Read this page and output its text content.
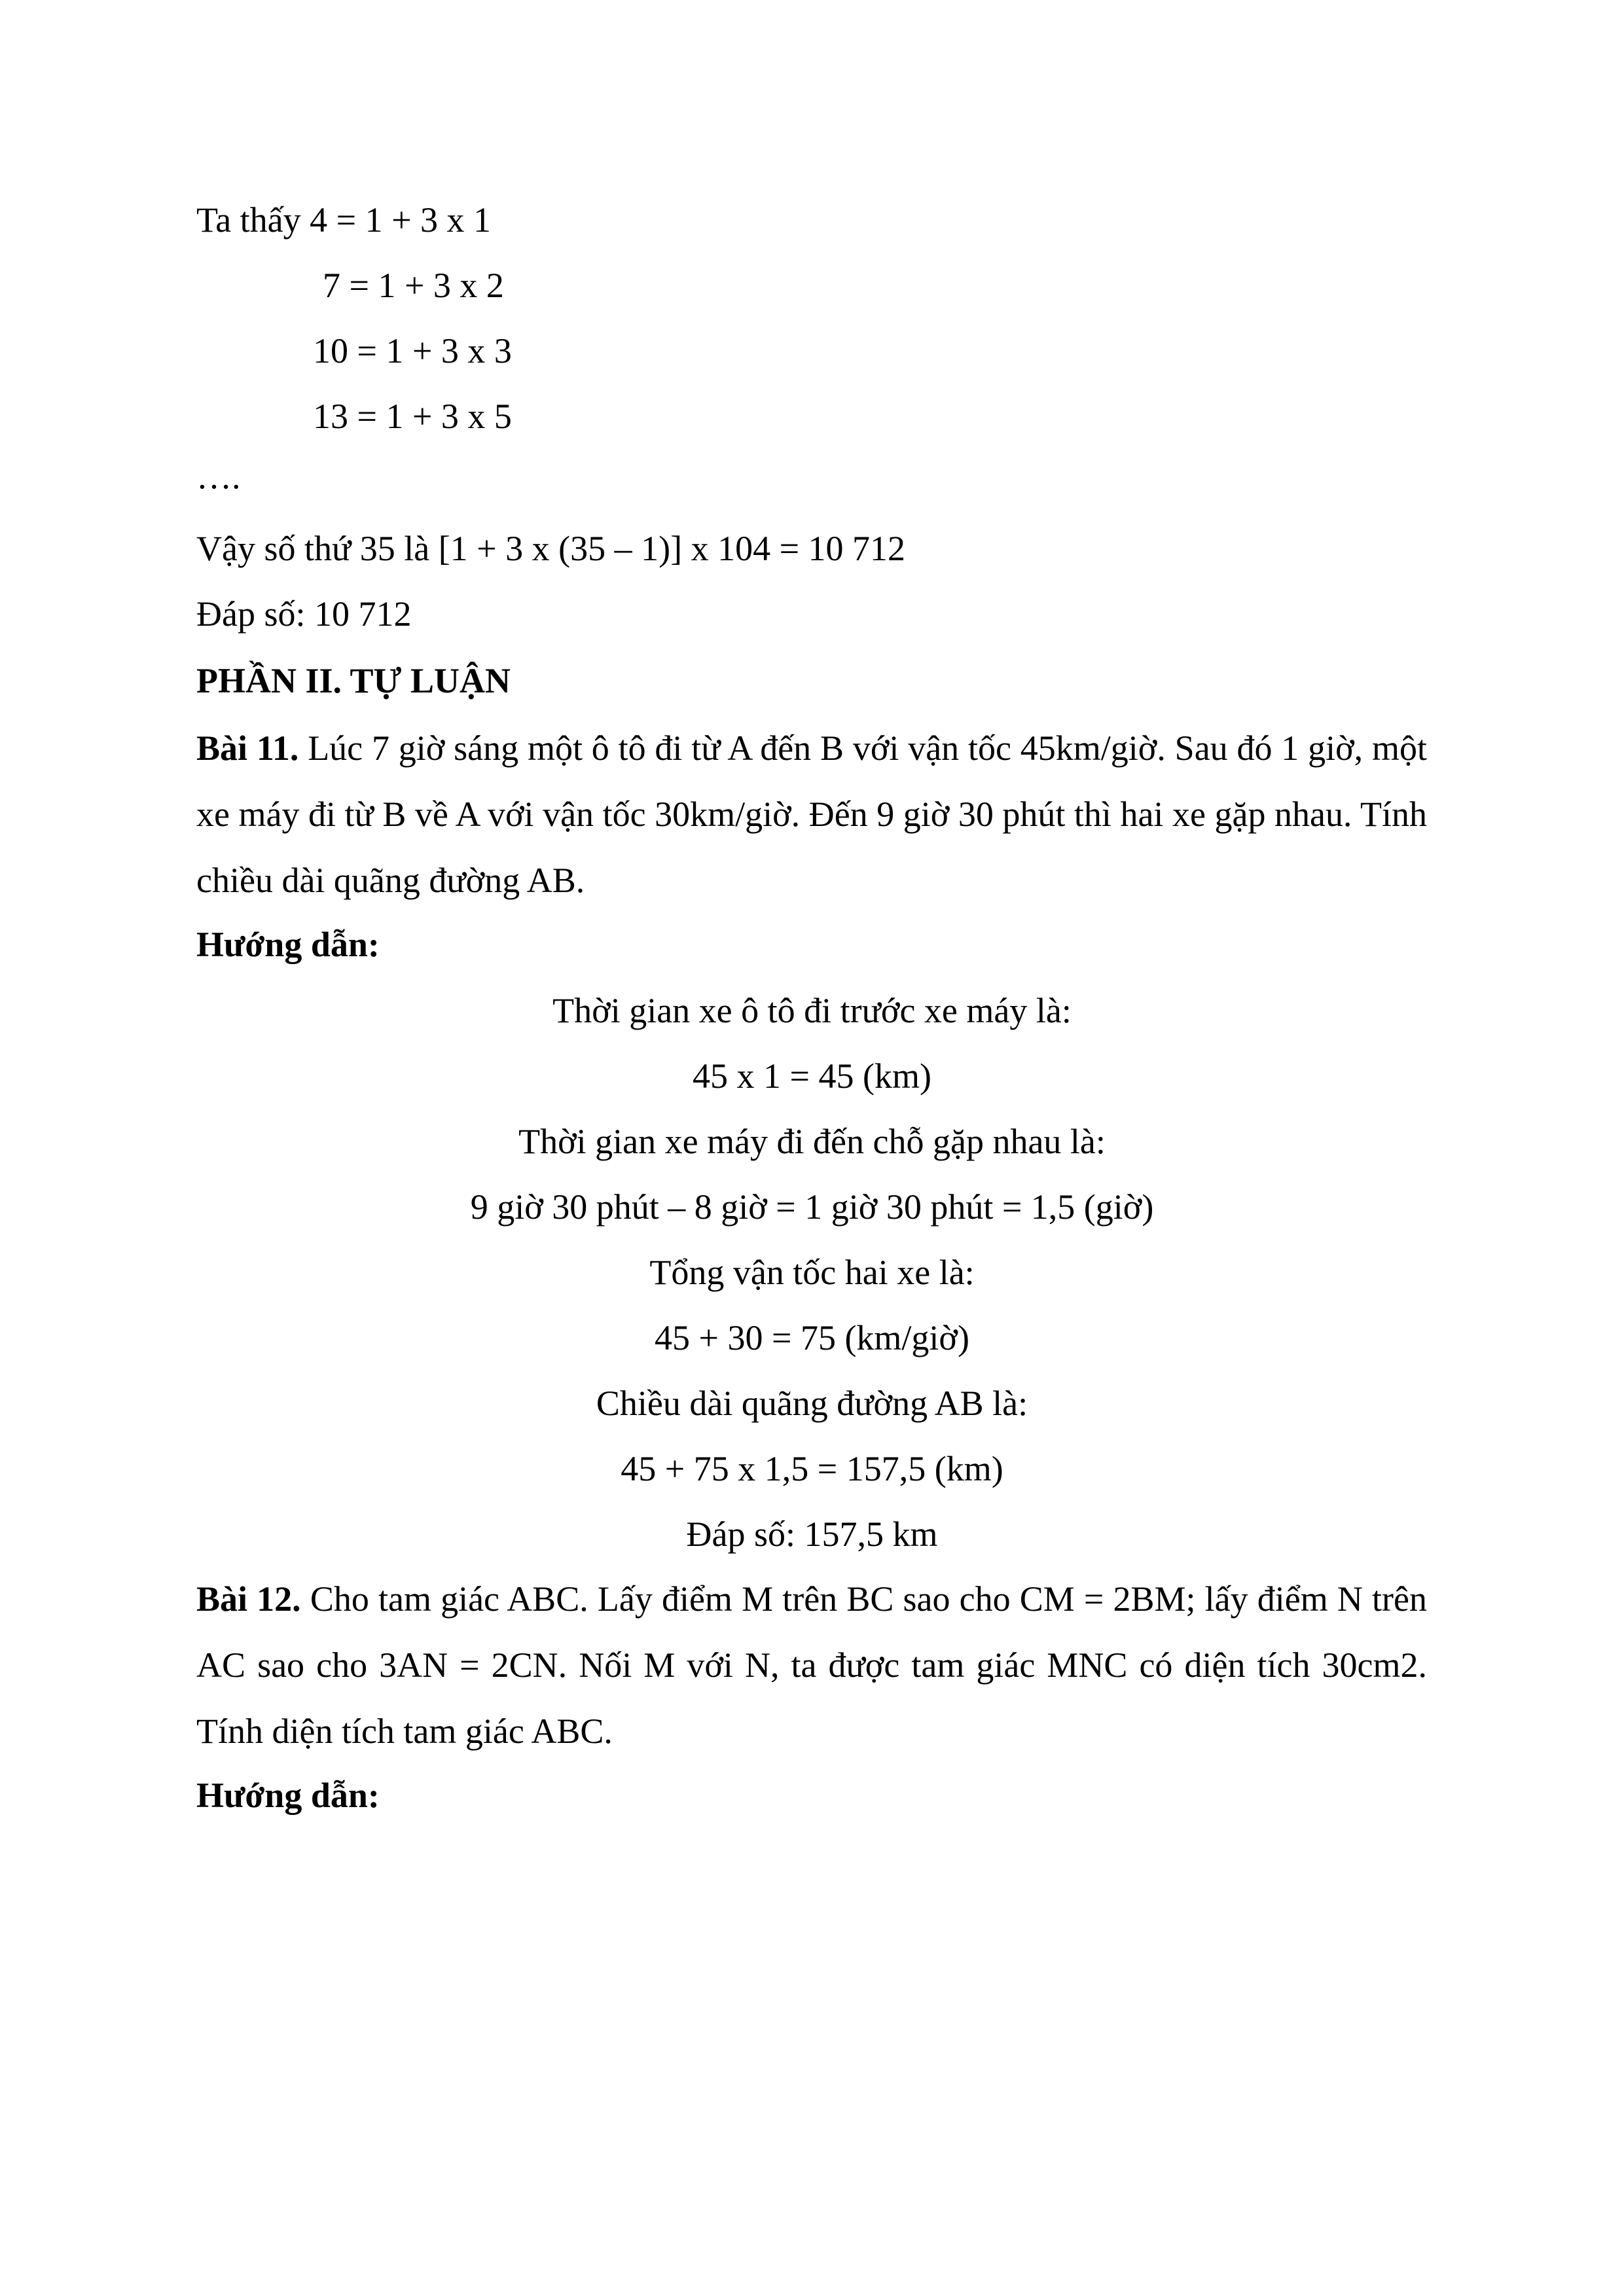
Ta thấy 4 = 1 + 3 x 1
7 = 1 + 3 x 2
10 = 1 + 3 x 3
13 = 1 + 3 x 5
….
Vậy số thứ 35 là [1 + 3 x (35 – 1)] x 104 = 10 712
Đáp số: 10 712
PHẦN II. TỰ LUẬN
Bài 11. Lúc 7 giờ sáng một ô tô đi từ A đến B với vận tốc 45km/giờ. Sau đó 1 giờ, một xe máy đi từ B về A với vận tốc 30km/giờ. Đến 9 giờ 30 phút thì hai xe gặp nhau. Tính chiều dài quãng đường AB.
Hướng dẫn:
Thời gian xe ô tô đi trước xe máy là:
45 x 1 = 45 (km)
Thời gian xe máy đi đến chỗ gặp nhau là:
9 giờ 30 phút – 8 giờ = 1 giờ 30 phút = 1,5 (giờ)
Tổng vận tốc hai xe là:
45 + 30 = 75 (km/giờ)
Chiều dài quãng đường AB là:
45 + 75 x 1,5 = 157,5 (km)
Đáp số: 157,5 km
Bài 12. Cho tam giác ABC. Lấy điểm M trên BC sao cho CM = 2BM; lấy điểm N trên AC sao cho 3AN = 2CN. Nối M với N, ta được tam giác MNC có diện tích 30cm2. Tính diện tích tam giác ABC.
Hướng dẫn:
